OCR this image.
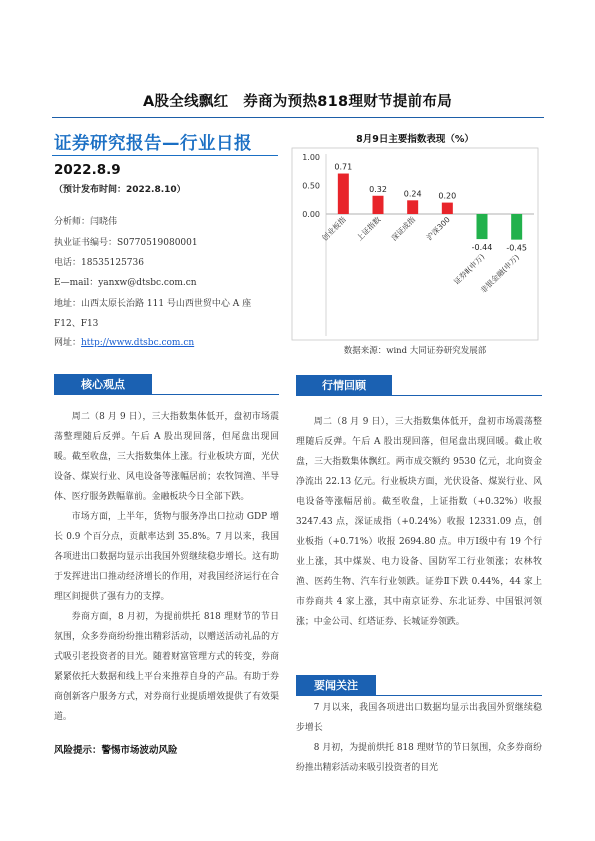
A股全线飘红　券商为预热818理财节提前布局
证券研究报告—行业日报
2022.8.9
（预计发布时间：2022.8.10）
分析师：闫晓伟
执业证书编号：S0770519080001
电话：18535125736
E—mail：yanxw@dtsbc.com.cn
地址：山西太原长治路 111 号山西世贸中心 A 座
F12、F13
网址：http://www.dtsbc.com.cn
8月9日主要指数表现（%）
1.00
0.50
0.00
0.71
创业板指
0.32
上证指数
0.24
深证成指
0.20
沪深300
-0.44
证券Ⅱ(申万)
-0.45
非银金融(申万)
数据来源：wind 大同证券研究发展部
核心观点

周二（8 月 9 日），三大指数集体低开，盘初市场震荡整理随后反弹。午后 A 股出现回落，但尾盘出现回暖。截至收盘，三大指数集体上涨。行业板块方面，光伏设备、煤炭行业、风电设备等涨幅居前；农牧饲渔、半导体、医疗服务跌幅靠前。金融板块今日全部下跌。

市场方面，上半年，货物与服务净出口拉动 GDP 增长 0.9 个百分点，贡献率达到 35.8%。7 月以来，我国各项进出口数据均显示出我国外贸继续稳步增长。这有助于发挥进出口推动经济增长的作用，对我国经济运行在合理区间提供了强有力的支撑。

券商方面，8 月初，为提前烘托 818 理财节的节日氛围，众多券商纷纷推出精彩活动，以赠送活动礼品的方式吸引老投资者的目光。随着财富管理方式的转变，券商紧紧依托大数据和线上平台来推荐自身的产品。有助于券商创新客户服务方式，对券商行业提质增效提供了有效渠道。

风险提示：警惕市场波动风险
行情回顾

周二（8 月 9 日），三大指数集体低开，盘初市场震荡整理随后反弹。午后 A 股出现回落，但尾盘出现回暖。截止收盘，三大指数集体飘红。两市成交额约 9530 亿元，北向资金净流出 22.13 亿元。行业板块方面，光伏设备、煤炭行业、风电设备等涨幅居前。截至收盘，上证指数（+0.32%）收报 3247.43 点，深证成指（+0.24%）收报 12331.09 点，创业板指（+0.71%）收报 2694.80 点。申万Ⅰ级中有 19 个行业上涨，其中煤炭、电力设备、国防军工行业领涨；农林牧渔、医药生物、汽车行业领跌。证券Ⅱ下跌 0.44%，44 家上市券商共 4 家上涨，其中南京证券、东北证券、中国银河领涨；中金公司、红塔证券、长城证券领跌。

要闻关注

7 月以来，我国各项进出口数据均显示出我国外贸继续稳步增长

8 月初，为提前烘托 818 理财节的节日氛围，众多券商纷纷推出精彩活动来吸引投资者的目光
